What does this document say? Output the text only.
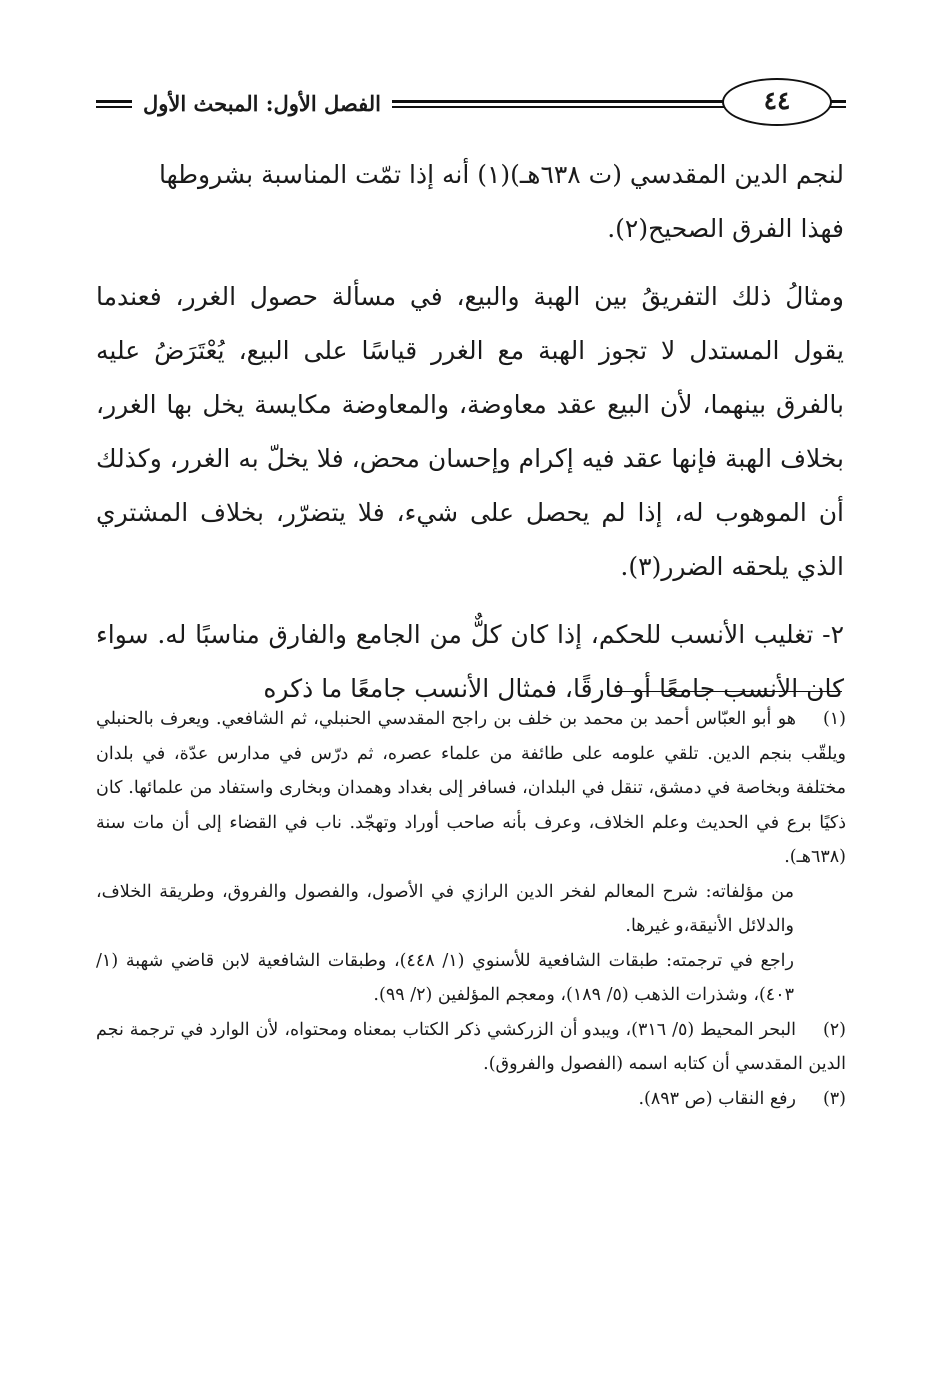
الفصل الأول: المبحث الأول	٤٤

لنجم الدين المقدسي (ت ٦٣٨هـ)(١) أنه إذا تمّت المناسبة بشروطها

فهذا الفرق الصحيح(٢).

ومثالُ ذلك التفريقُ بين الهبة والبيع، في مسألة حصول الغرر، فعندما يقول المستدل لا تجوز الهبة مع الغرر قياسًا على البيع، يُعْتَرَضُ عليه بالفرق بينهما، لأن البيع عقد معاوضة، والمعاوضة مكايسة يخل بها الغرر، بخلاف الهبة فإنها عقد فيه إكرام وإحسان محض، فلا يخلّ به الغرر، وكذلك أن الموهوب له، إذا لم يحصل على شيء، فلا يتضرّر، بخلاف المشتري الذي يلحقه الضرر(٣).

٢- تغليب الأنسب للحكم، إذا كان كلٌّ من الجامع والفارق مناسبًا له. سواء كان الأنسب جامعًا أو فارقًا، فمثال الأنسب جامعًا ما ذكره

(١)هو أبو العبّاس أحمد بن محمد بن خلف بن راجح المقدسي الحنبلي، ثم الشافعي. ويعرف بالحنبلي ويلقّب بنجم الدين. تلقي علومه على طائفة من علماء عصره، ثم درّس في مدارس عدّة، في بلدان مختلفة وبخاصة في دمشق، تنقل في البلدان، فسافر إلى بغداد وهمدان وبخارى واستفاد من علمائها. كان ذكيًا برع في الحديث وعلم الخلاف، وعرف بأنه صاحب أوراد وتهجّد. ناب في القضاء إلى أن مات سنة (٦٣٨هـ).

من مؤلفاته: شرح المعالم لفخر الدين الرازي في الأصول، والفصول والفروق، وطريقة الخلاف، والدلائل الأنيقة،و غيرها.

راجع في ترجمته: طبقات الشافعية للأسنوي (١/ ٤٤٨)، وطبقات الشافعية لابن قاضي شهبة (١/ ٤٠٣)، وشذرات الذهب (٥/ ١٨٩)، ومعجم المؤلفين (٢/ ٩٩).

(٢)البحر المحيط (٥/ ٣١٦)، ويبدو أن الزركشي ذكر الكتاب بمعناه ومحتواه، لأن الوارد في ترجمة نجم الدين المقدسي أن كتابه اسمه (الفصول والفروق).

(٣)رفع النقاب (ص ٨٩٣).
